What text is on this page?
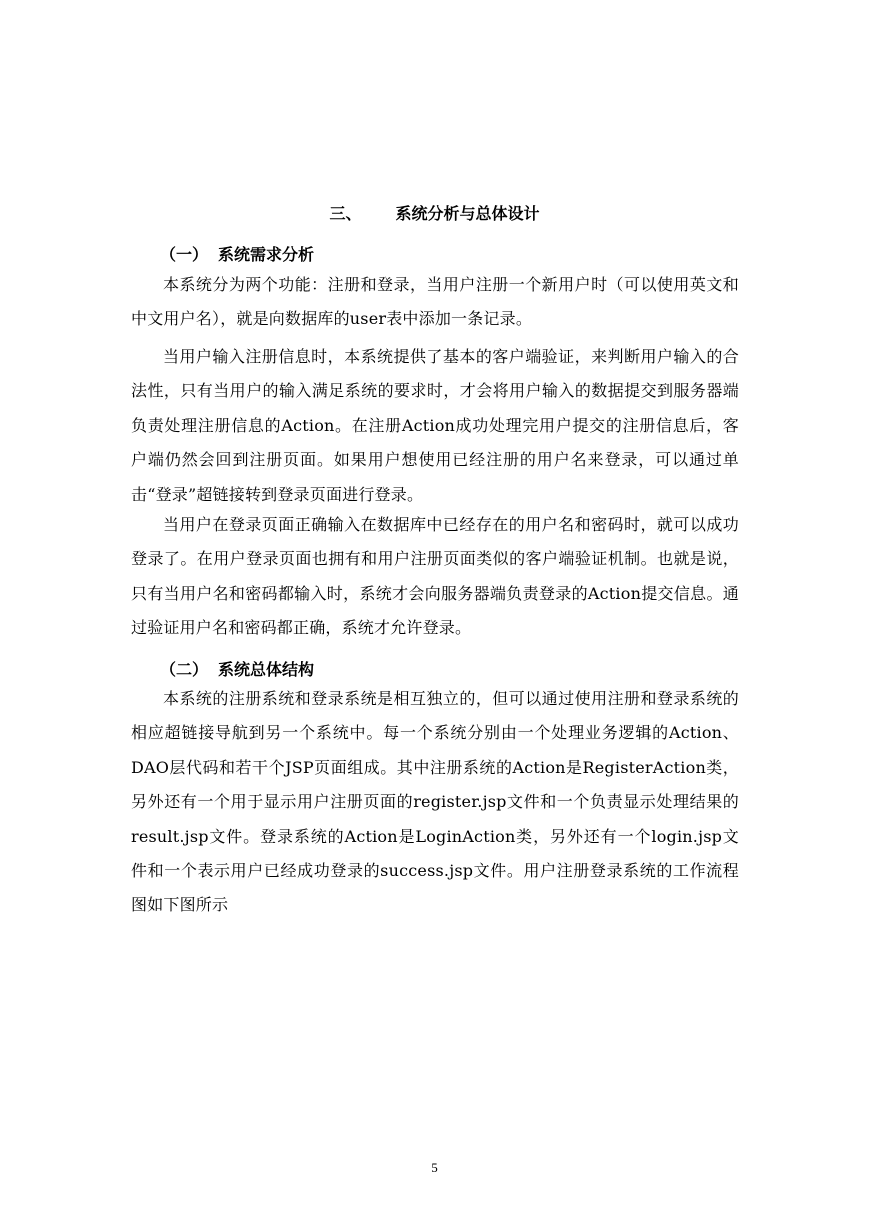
三、 系统分析与总体设计
（一） 系统需求分析

本系统分为两个功能：注册和登录，当用户注册一个新用户时（可以使用英文和中文用户名），就是向数据库的user表中添加一条记录。

当用户输入注册信息时，本系统提供了基本的客户端验证，来判断用户输入的合法性，只有当用户的输入满足系统的要求时，才会将用户输入的数据提交到服务器端负责处理注册信息的Action。在注册Action成功处理完用户提交的注册信息后，客户端仍然会回到注册页面。如果用户想使用已经注册的用户名来登录，可以通过单击“登录”超链接转到登录页面进行登录。

当用户在登录页面正确输入在数据库中已经存在的用户名和密码时，就可以成功登录了。在用户登录页面也拥有和用户注册页面类似的客户端验证机制。也就是说，只有当用户名和密码都输入时，系统才会向服务器端负责登录的Action提交信息。通过验证用户名和密码都正确，系统才允许登录。

（二） 系统总体结构

本系统的注册系统和登录系统是相互独立的，但可以通过使用注册和登录系统的相应超链接导航到另一个系统中。每一个系统分别由一个处理业务逻辑的Action、DAO层代码和若干个JSP页面组成。其中注册系统的Action是RegisterAction类，另外还有一个用于显示用户注册页面的register.jsp文件和一个负责显示处理结果的result.jsp文件。登录系统的Action是LoginAction类，另外还有一个login.jsp文件和一个表示用户已经成功登录的success.jsp文件。用户注册登录系统的工作流程图如下图所示

5
